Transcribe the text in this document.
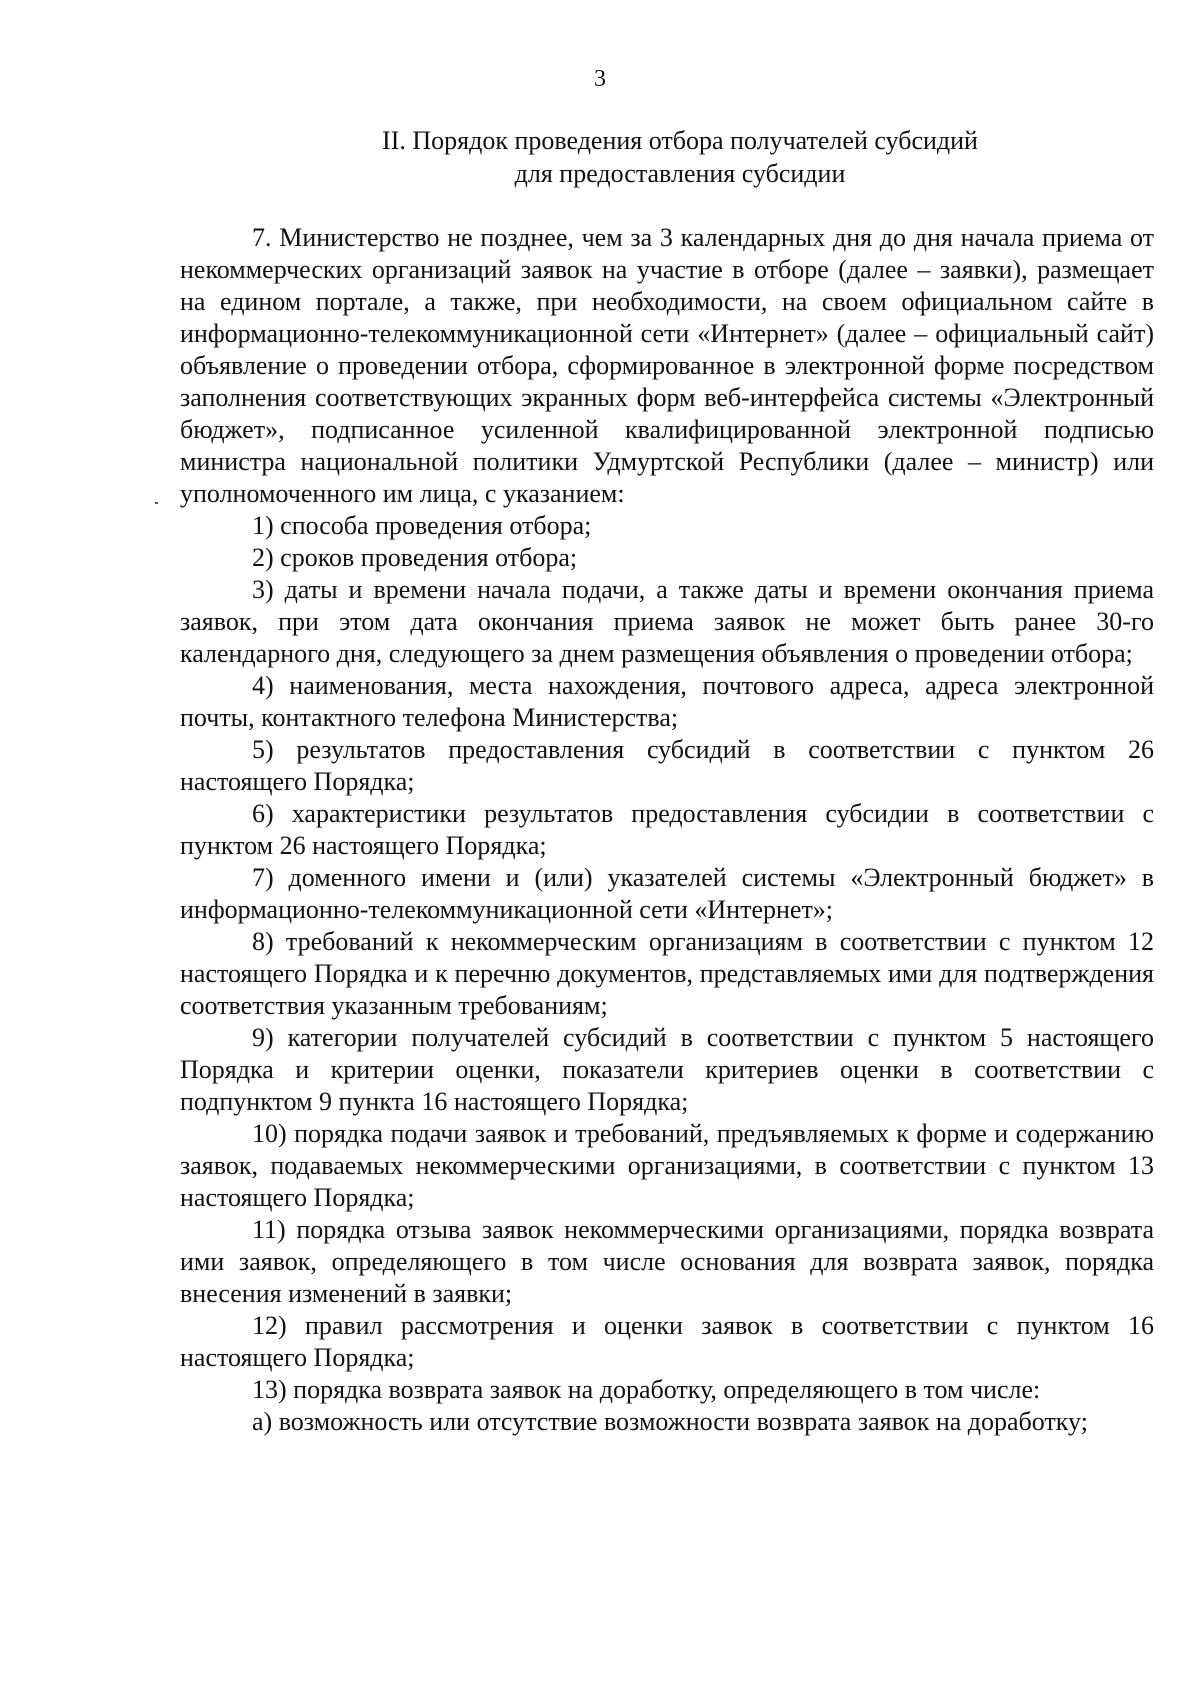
3
II. Порядок проведения отбора получателей субсидий
для предоставления субсидии

7. Министерство не позднее, чем за 3 календарных дня до дня начала приема от некоммерческих организаций заявок на участие в отборе (далее – заявки), размещает на едином портале, а также, при необходимости, на своем официальном сайте в информационно-телекоммуникационной сети «Интернет» (далее – официальный сайт) объявление о проведении отбора, сформированное в электронной форме посредством заполнения соответствующих экранных форм веб-интерфейса системы «Электронный бюджет», подписанное усиленной квалифицированной электронной подписью министра национальной политики Удмуртской Республики (далее – министр) или уполномоченного им лица, с указанием:

1) способа проведения отбора;

2) сроков проведения отбора;

3) даты и времени начала подачи, а также даты и времени окончания приема заявок, при этом дата окончания приема заявок не может быть ранее 30-го календарного дня, следующего за днем размещения объявления о проведении отбора;

4) наименования, места нахождения, почтового адреса, адреса электронной почты, контактного телефона Министерства;

5) результатов предоставления субсидий в соответствии с пунктом 26 настоящего Порядка;

6) характеристики результатов предоставления субсидии в соответствии с пунктом 26 настоящего Порядка;

7) доменного имени и (или) указателей системы «Электронный бюджет» в информационно-телекоммуникационной сети «Интернет»;

8) требований к некоммерческим организациям в соответствии с пунктом 12 настоящего Порядка и к перечню документов, представляемых ими для подтверждения соответствия указанным требованиям;

9) категории получателей субсидий в соответствии с пунктом 5 настоящего Порядка и критерии оценки, показатели критериев оценки в соответствии с подпунктом 9 пункта 16 настоящего Порядка;

10) порядка подачи заявок и требований, предъявляемых к форме и содержанию заявок, подаваемых некоммерческими организациями, в соответствии с пунктом 13 настоящего Порядка;

11) порядка отзыва заявок некоммерческими организациями, порядка возврата ими заявок, определяющего в том числе основания для возврата заявок, порядка внесения изменений в заявки;

12) правил рассмотрения и оценки заявок в соответствии с пунктом 16 настоящего Порядка;

13) порядка возврата заявок на доработку, определяющего в том числе:

а) возможность или отсутствие возможности возврата заявок на доработку;
